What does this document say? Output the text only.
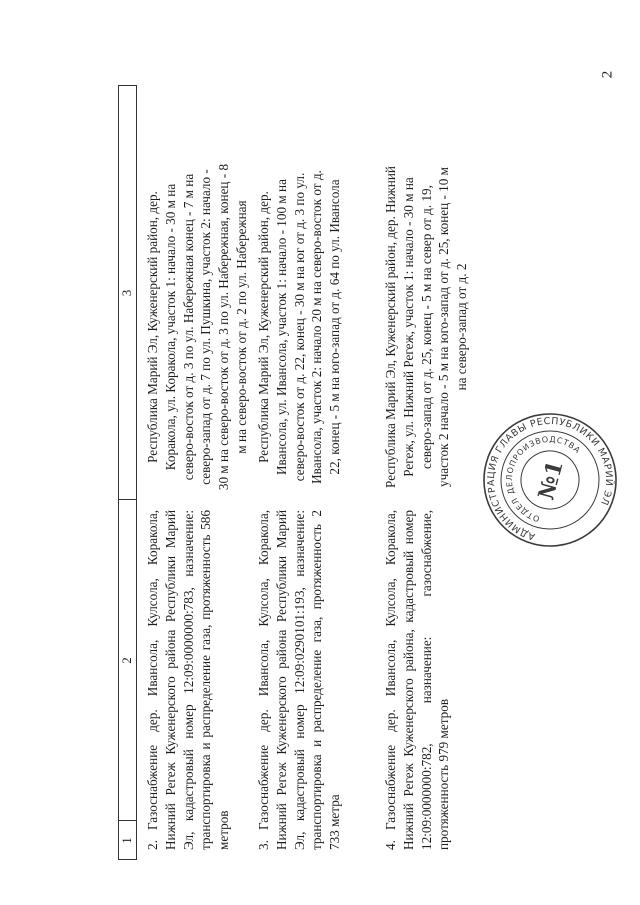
2
1
2
3
2.Газоснабжение дер. Ивансола, Кулсола, Коракола, Нижний Регеж Куженерского района Республики Марий Эл, кадастровый номер 12:09:0000000:783, назначение: транспортировка и распределение газа, протяженность 586 метров
Республика Марий Эл, Куженерский район, дер. Коракола, ул. Коракола, участок 1: начало - 30 м на северо-восток от д. 3 по ул. Набережная конец - 7 м на северо-запад от д. 7 по ул. Пушкина, участок 2: начало - 30 м на северо-восток от д. 3 по ул. Набережная, конец - 8 м на северо-восток от д. 2 по ул. Набережная
3.Газоснабжение дер. Ивансола, Кулсола, Коракола, Нижний Регеж Куженерского района Республики Марий Эл, кадастровый номер 12:09:0290101:193, назначение: транспортировка и распределение газа, протяженность 2 733 метра
Республика Марий Эл, Куженерский район, дер. Ивансола, ул. Ивансола, участок 1: начало - 100 м на северо-восток от д. 22, конец - 30 м на юг от д. 3 по ул. Ивансола, участок 2: начало 20 м на северо-восток от д. 22, конец - 5 м на юго-запад от д. 64 по ул. Ивансола
4.Газоснабжение дер. Ивансола, Кулсола, Коракола, Нижний Регеж Куженерского района, кадастровый номер 12:09:0000000:782, назначение: газоснабжение, протяженность 979 метров
Республика Марий Эл, Куженерский район, дер. Нижний Регеж, ул. Нижний Регеж, участок 1: начало - 30 м на северо-запад от д. 25, конец - 5 м на север от д. 19, участок 2 начало - 5 м на юго-запад от д. 25, конец - 10 м на северо-запад от д. 2
АДМИНИСТРАЦИЯ ГЛАВЫ РЕСПУБЛИКИ МАРИЙ ЭЛ
ОТДЕЛ ДЕЛОПРОИЗВОДСТВА
№1
